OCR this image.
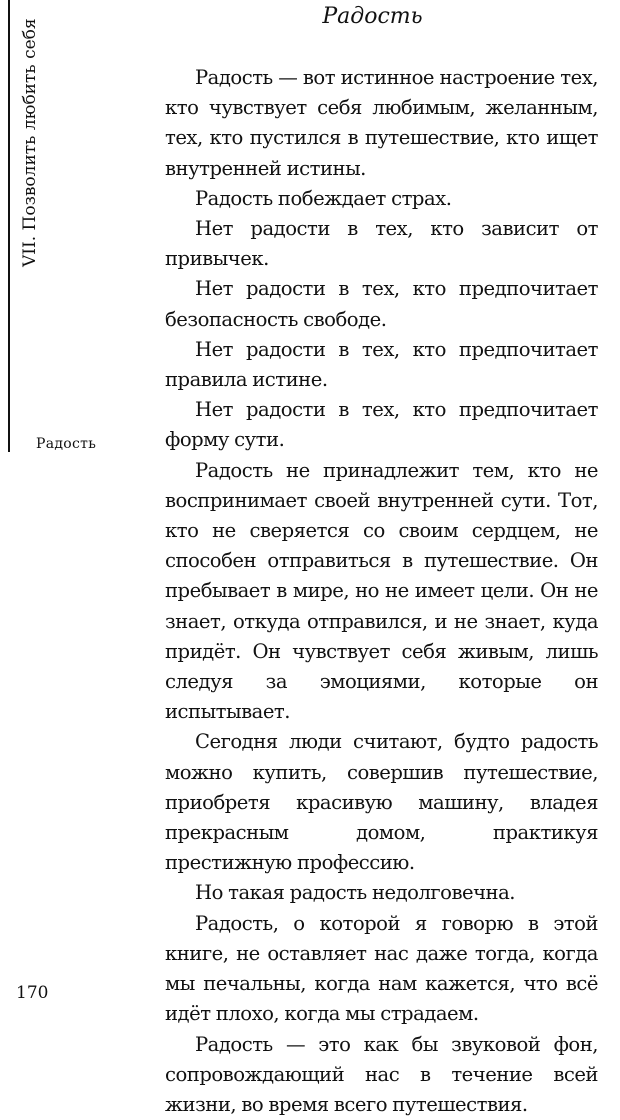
Радость
VII. Позволить любить себя
Радость

Радость — вот истинное настроение тех, кто чувствует себя любимым, желанным, тех, кто пустился в путешествие, кто ищет внутренней истины.

Радость побеждает страх.

Нет радости в тех, кто зависит от привычек.

Нет радости в тех, кто предпочитает безопасность свободе.

Нет радости в тех, кто предпочитает правила истине.

Нет радости в тех, кто предпочитает форму сути.

Радость не принадлежит тем, кто не воспринимает своей внутренней сути. Тот, кто не сверяется со своим сердцем, не способен отправиться в путешествие. Он пребывает в мире, но не имеет цели. Он не знает, откуда отправился, и не знает, куда придёт. Он чувствует себя живым, лишь следуя за эмоциями, которые он испытывает.

Сегодня люди считают, будто радость можно купить, совершив путешествие, приобретя красивую машину, владея прекрасным домом, практикуя престижную профессию.

Но такая радость недолговечна.

Радость, о которой я говорю в этой книге, не оставляет нас даже тогда, когда мы печальны, когда нам кажется, что всё идёт плохо, когда мы страдаем.

Радость — это как бы звуковой фон, сопровождающий нас в течение всей жизни, во время всего путешествия.

170
